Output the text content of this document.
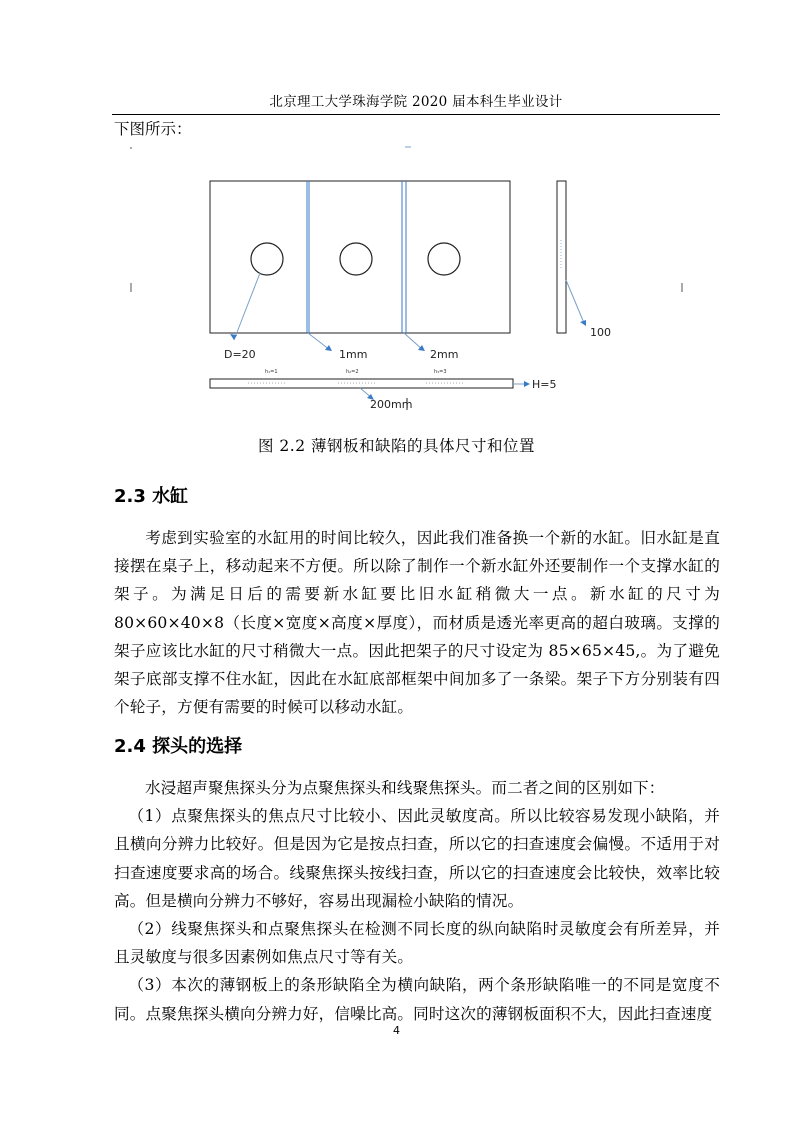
北京理工大学珠海学院 2020 届本科生毕业设计
下图所示：
D=20	1mm	2mm
100
h₁=1	h₂=2	h₃=3
H=5
200mm
图 2.2 薄钢板和缺陷的具体尺寸和位置
2.3 水缸

考虑到实验室的水缸用的时间比较久，因此我们准备换一个新的水缸。旧水缸是直接摆在桌子上，移动起来不方便。所以除了制作一个新水缸外还要制作一个支撑水缸的架子。为满足日后的需要新水缸要比旧水缸稍微大一点。新水缸的尺寸为 80×60×40×8（长度×宽度×高度×厚度），而材质是透光率更高的超白玻璃。支撑的架子应该比水缸的尺寸稍微大一点。因此把架子的尺寸设定为 85×65×45,。为了避免架子底部支撑不住水缸，因此在水缸底部框架中间加多了一条梁。架子下方分别装有四个轮子，方便有需要的时候可以移动水缸。

2.4 探头的选择

水浸超声聚焦探头分为点聚焦探头和线聚焦探头。而二者之间的区别如下：

（1）点聚焦探头的焦点尺寸比较小、因此灵敏度高。所以比较容易发现小缺陷，并且横向分辨力比较好。但是因为它是按点扫查，所以它的扫查速度会偏慢。不适用于对扫查速度要求高的场合。线聚焦探头按线扫查，所以它的扫查速度会比较快，效率比较高。但是横向分辨力不够好，容易出现漏检小缺陷的情况。

（2）线聚焦探头和点聚焦探头在检测不同长度的纵向缺陷时灵敏度会有所差异，并且灵敏度与很多因素例如焦点尺寸等有关。

（3）本次的薄钢板上的条形缺陷全为横向缺陷，两个条形缺陷唯一的不同是宽度不同。点聚焦探头横向分辨力好，信噪比高。同时这次的薄钢板面积不大，因此扫查速度

4
